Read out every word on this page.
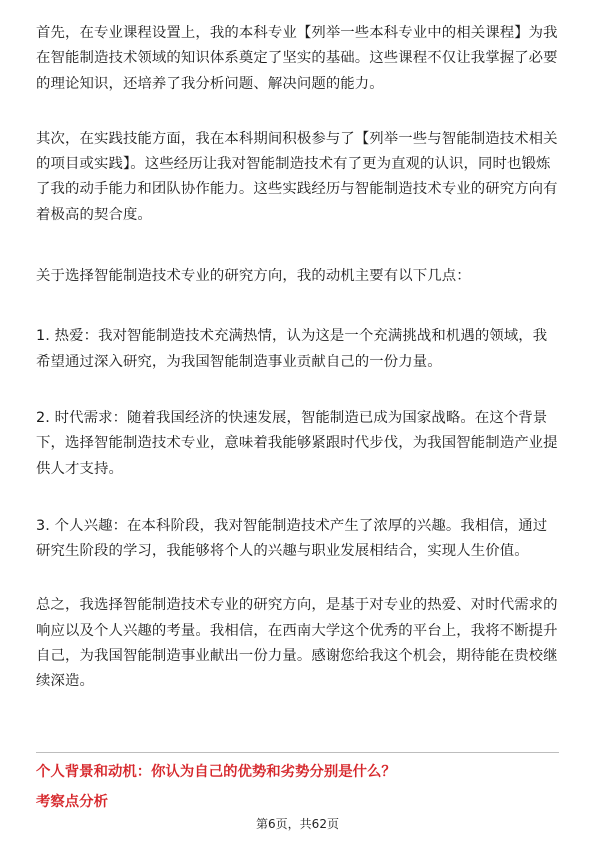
首先，在专业课程设置上，我的本科专业【列举一些本科专业中的相关课程】为我在智能制造技术领域的知识体系奠定了坚实的基础。这些课程不仅让我掌握了必要的理论知识，还培养了我分析问题、解决问题的能力。

其次，在实践技能方面，我在本科期间积极参与了【列举一些与智能制造技术相关的项目或实践】。这些经历让我对智能制造技术有了更为直观的认识，同时也锻炼了我的动手能力和团队协作能力。这些实践经历与智能制造技术专业的研究方向有着极高的契合度。

关于选择智能制造技术专业的研究方向，我的动机主要有以下几点：

1. 热爱：我对智能制造技术充满热情，认为这是一个充满挑战和机遇的领域，我希望通过深入研究，为我国智能制造事业贡献自己的一份力量。

2. 时代需求：随着我国经济的快速发展，智能制造已成为国家战略。在这个背景下，选择智能制造技术专业，意味着我能够紧跟时代步伐，为我国智能制造产业提供人才支持。

3. 个人兴趣：在本科阶段，我对智能制造技术产生了浓厚的兴趣。我相信，通过研究生阶段的学习，我能够将个人的兴趣与职业发展相结合，实现人生价值。

总之，我选择智能制造技术专业的研究方向，是基于对专业的热爱、对时代需求的响应以及个人兴趣的考量。我相信，在西南大学这个优秀的平台上，我将不断提升自己，为我国智能制造事业献出一份力量。感谢您给我这个机会，期待能在贵校继续深造。

个人背景和动机：你认为自己的优势和劣势分别是什么？

考察点分析

第6页，共62页
